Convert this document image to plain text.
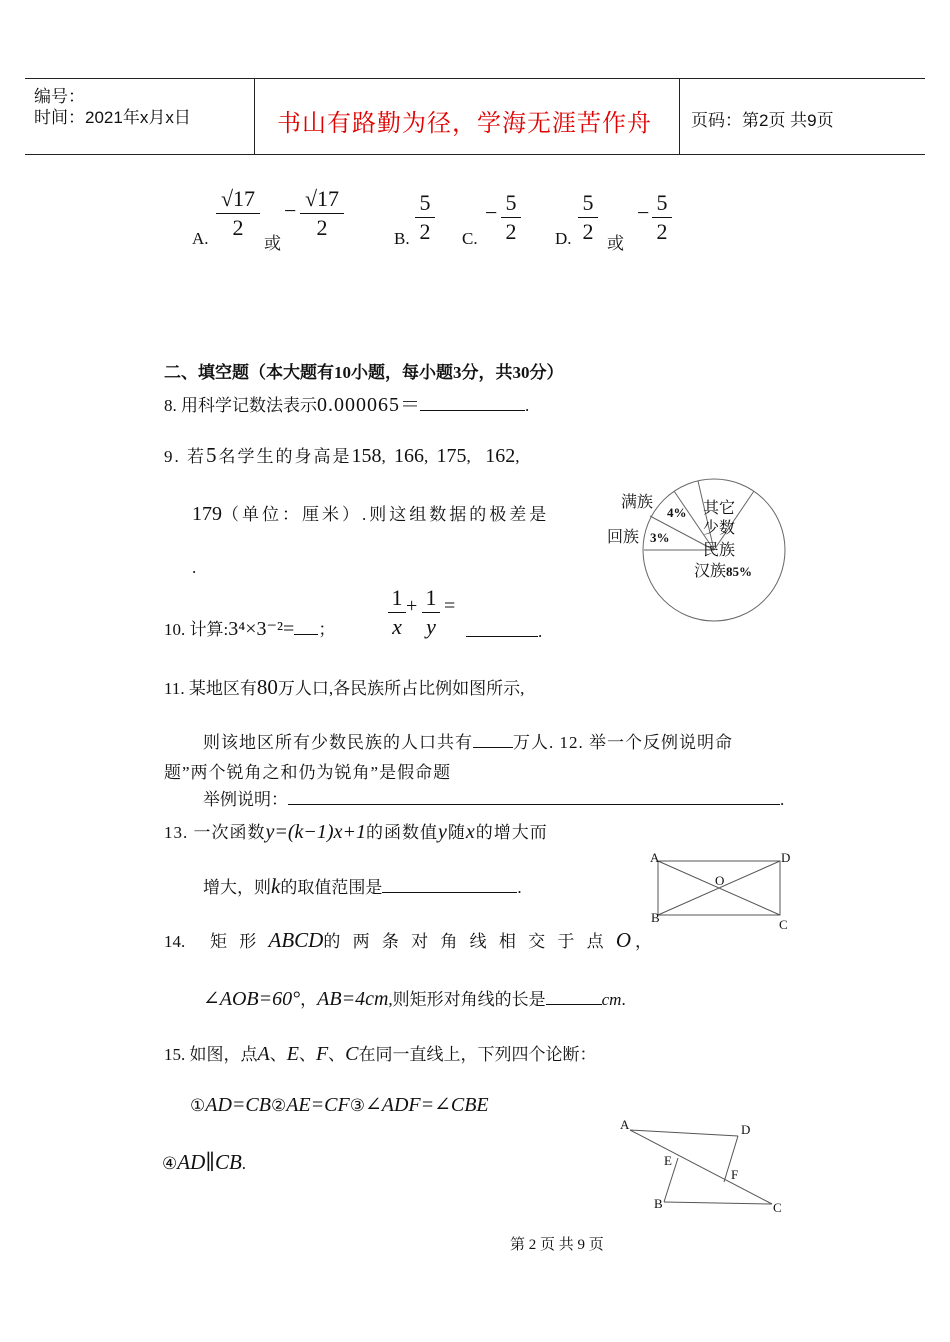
编号：
时间：2021年x月x日	书山有路勤为径，学海无涯苦作舟 页码：第2页 共9页
A.
√17
2
或
− √17
2	B.
5
2 C.
− 5
2 D.
5
2 或
− 5
2
二、填空题（本大题有10小题，每小题3分，共30分）
8. 用科学记数法表示0.000065＝	.
9. 若5名学生的身高是158, 166, 175,  162,
179（单位：厘米）.则这组数据的极差是
.
满族
4%
回族 3%
其它
少数
民族
汉族85%
10. 计算:3⁴×3⁻²= ；
1
x
+ 1
y
=
.
11. 某地区有80万人口,各民族所占比例如图所示,
则该地区所有少数民族的人口共有 万人. 12. 举一个反例说明命
题”两个锐角之和仍为锐角”是假命题
举例说明：	.
13. 一次函数y=(k−1)x+1的函数值y随x的增大而
增大，则k的取值范围是	.
A	D
O
B	C
14. 矩 形 ABCD的 两 条 对 角 线 相 交 于 点 O，
∠AOB=60°，AB=4cm,则矩形对角线的长是	cm.
15. 如图，点A、E、F、C在同一直线上，下列四个论断：
①AD=CB②AE=CF③∠ADF=∠CBE
④AD∥CB.
A	D
E
F
B	C
第 2 页 共 9 页
